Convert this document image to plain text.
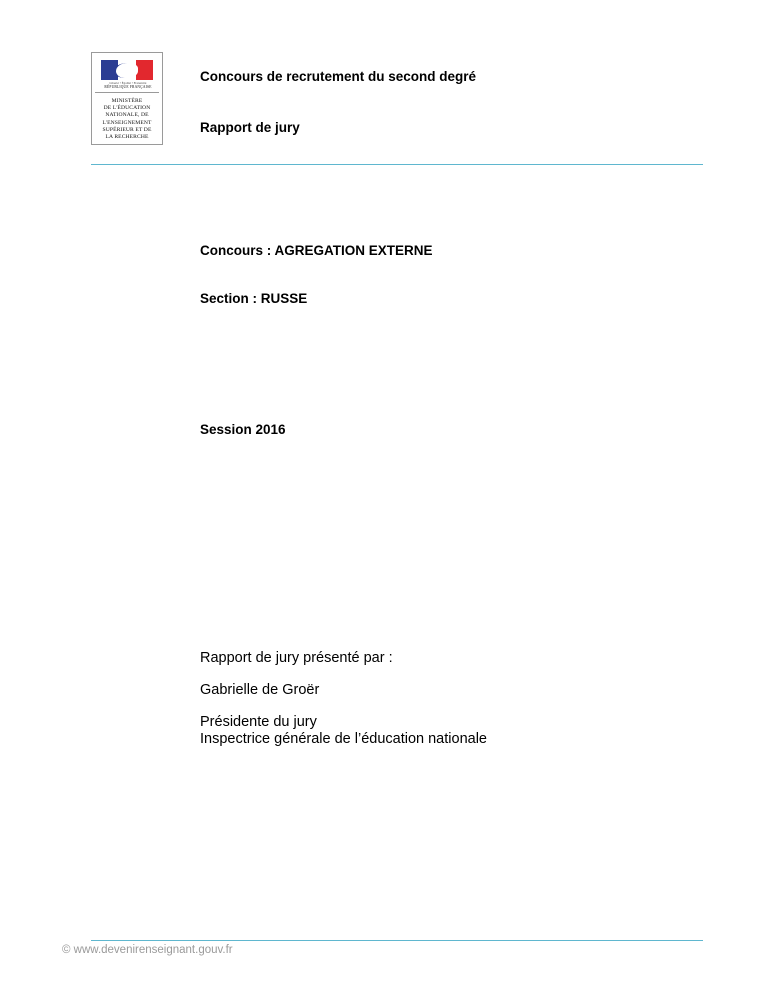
Liberté • Égalité • Fraternité
RÉPUBLIQUE FRANÇAISE
MINISTÈRE
DE L'ÉDUCATION
NATIONALE, DE
L'ENSEIGNEMENT
SUPÉRIEUR ET DE
LA RECHERCHE
Concours de recrutement du second degré
Rapport de jury
Concours : AGREGATION EXTERNE
Section : RUSSE
Session 2016
Rapport de jury présenté par :
Gabrielle de Groër
Présidente du jury
Inspectrice générale de l’éducation nationale
© www.devenirenseignant.gouv.fr
